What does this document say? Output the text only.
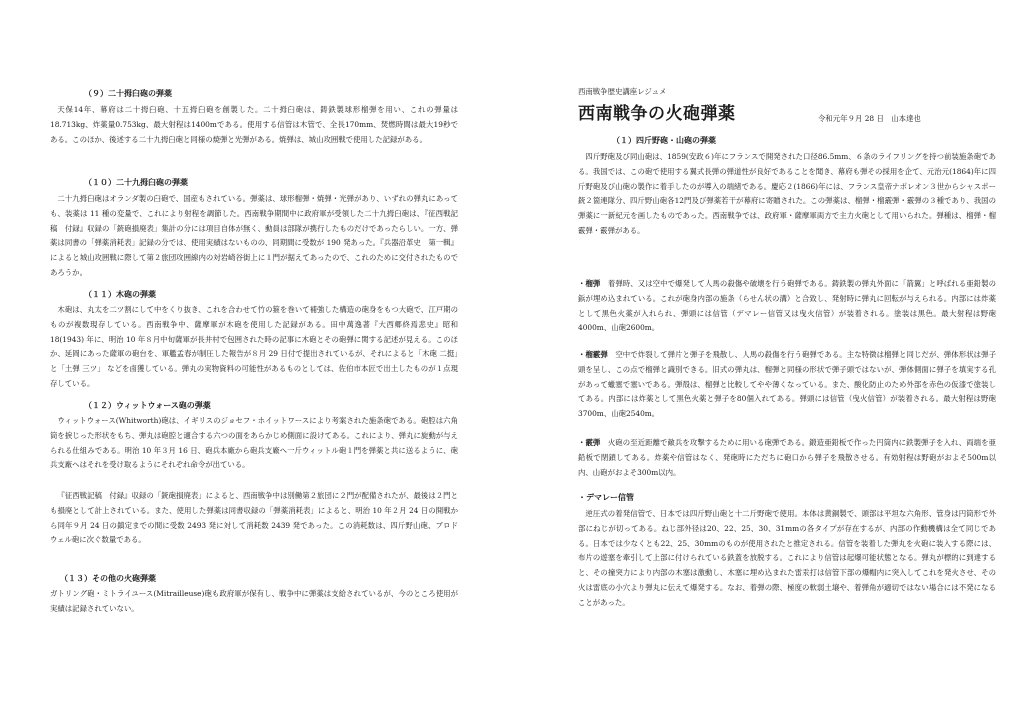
（９）二十拇臼砲の弾薬

天保14年、幕府は二十拇臼砲、十五拇臼砲を創製した。二十拇臼砲は、鋳鉄製球形榴弾を用い、これの弾量は18.713kg、炸薬量0.753kg、最大射程は1400mである。使用する信管は木管で、全長170mm、焚燃時間は最大19秒である。このほか、後述する二十九拇臼砲と同様の焼弾と光弾がある。焼弾は、城山攻囲戦で使用した記録がある。

（１０）二十九拇臼砲の弾薬

二十九拇臼砲はオランダ製の臼砲で、国産もされている。弾薬は、球形榴弾・焼弾・光弾があり、いずれの弾丸にあっても、装薬は 11 種の変量で、これにより射程を調節した。西南戦争期間中に政府軍が受領した二十九拇臼砲は、『征西戦記稿　付録』収録の「銃砲損廃表」集計の分には項目自体が無く、動員は部隊が携行したものだけであったらしい。一方、弾薬は同書の「弾薬消耗表」記録の分では、使用実績はないものの、同期間に受数が 190 発あった。『兵器沿革史　第一輯』によると城山攻囲戦に際して第２旅団攻囲線内の対岩崎谷街上に１門が据えてあったので、これのために交付されたものであろうか。

（１１）木砲の弾薬

木砲は、丸太を二ツ割にして中をくり抜き、これを合わせて竹の箍を巻いて補強した構造の砲身をもつ大砲で、江戸期のものが複数現存している。西南戦争中、薩摩軍が木砲を使用した記録がある。田中萬逸著『大西郷終焉悲史』昭和 18(1943) 年に、明治 10 年８月中旬薩軍が長井村で包囲された時の記事に木砲とその砲弾に関する記述が見える。このほか、延岡にあった薩軍の砲台を、軍艦孟春が制圧した報告が８月 29 日付で提出されているが、それによると「木砲 二挺」と「土弾 三ツ」 などを鹵獲している。弾丸の実物資料の可能性があるものとしては、佐伯市本匠で出土したものが１点現存している。

（１２）ウィットウォース砲の弾薬

ウィットウォース(Whitworth)砲は、イギリスのジョセフ・ホイットワースにより考案された施条砲である。砲腔は六角筒を捩じった形状をもち、弾丸は砲腔と適合する六つの面をあらかじめ側面に設けてある。これにより、弾丸に旋動が与えられる仕組みである。明治 10 年３月 16 日、砲兵本廠から砲兵支廠へ一斤ウィットル砲１門を弾薬と共に送るように、砲兵支廠へはそれを受け取るようにそれぞれ命令が出ている。

『征西戦記稿　付録』収録の「銃砲損廃表」によると、西南戦争中は別働第２旅団に２門が配備されたが、最後は２門とも損廃として計上されている。また、使用した弾薬は同書収録の「弾薬消耗表」によると、明治 10 年２月 24 日の開戦から同年９月 24 日の鎮定までの間に受数 2493 発に対して消耗数 2439 発であった。この消耗数は、四斤野山砲、ブロドウェル砲に次ぐ数量である。

（１３）その他の火砲弾薬

ガトリング砲・ミトライユース(Mitrailleuse)砲も政府軍が保有し、戦争中に弾薬は支給されているが、今のところ使用が実績は記録されていない。

西南戦争歴史講座レジュメ
西南戦争の火砲弾薬	令和元年９月 28 日　山本達也
（１）四斤野砲・山砲の弾薬

四斤野砲及び同山砲は、1859(安政６)年にフランスで開発された口径86.5mm、６条のライフリングを持つ前装施条砲である。我国では、この砲で使用する翼式長弾の弾道性が良好であることを聞き、幕府も弾その採用を企て、元治元(1864)年に四斤野砲及び山砲の製作に着手したのが導入の端緒である。慶応２(1866)年には、フランス皇帝ナポレオン３世からシャスポー銃２箇連隊分、四斤野山砲各12門及び弾薬若干が幕府に寄贈された。この弾薬は、榴弾・榴霰弾・霰弾の３種であり、我国の弾薬に一新紀元を画したものであった。西南戦争では、政府軍・薩摩軍両方で主力火砲として用いられた。弾種は、榴弾・榴霰弾・霰弾がある。

・榴弾　 着弾時、又は空中で爆発して人馬の殺傷や破壊を行う砲弾である。鋳鉄製の弾丸外面に「箭翼」と呼ばれる亜鉛製の鋲が埋め込まれている。これが砲身内部の施条（らせん状の溝）と合致し、発射時に弾丸に回転が与えられる。内部には炸薬として黒色火薬が入れられ、弾頭には信管（デマレー信管又は曳火信管）が装着される。塗装は黒色。最大射程は野砲4000m、山砲2600m。

・榴霰弾　 空中で炸裂して弾片と弾子を飛散し、人馬の殺傷を行う砲弾である。主な特徴は榴弾と同じだが、弾体形状は弾子頭を呈し、この点で榴弾と識別できる。旧式の弾丸は、榴弾と同様の形状で弾子頭ではないが、弾体側面に弾子を填実する孔があって蠟塞で塞いである。弾殻は、榴弾と比較してやや薄くなっている。また、酸化防止のため外部を赤色の仮漆で塗装してある。内部には炸薬として黒色火薬と弾子を80個入れてある。弾頭には信管（曳火信管）が装着される。最大射程は野砲3700m、山砲2540m。

・霰弾　 火砲の至近距離で敵兵を攻撃するために用いる砲弾である。鍛造亜鉛板で作った円筒内に鉄製弾子を入れ、両端を亜鉛板で閉鎖してある。炸薬や信管はなく、発砲時にただちに砲口から弾子を飛散させる。有効射程は野砲がおよそ500m以内、山砲がおよそ300m以内。

・デマレー信管

逆圧式の着発信管で、日本では四斤野山砲と十二斤野砲で使用。本体は黄銅製で、頭部は平坦な六角形、管身は円筒形で外部にねじが切ってある。ねじ部外径は20、22、25、30、31mmの各タイプが存在するが、内部の作動機構は全て同じである。日本では少なくとも22、25、30mmのものが使用されたと推定される。信管を装着した弾丸を火砲に装入する際には、布片の遊塞を牽引して上部に付けられている鉄蓋を放脱する。これにより信管は起爆可能状態となる。弾丸が標的に到達すると、その撞突力により内部の木塞は激動し、木塞に埋め込まれた雷汞打は信管下部の爆帽内に突入してこれを発火させ、その火は雷底の小穴より弾丸に伝えて爆発する。なお、着弾の際、極度の軟弱土壌や、着弾角が適切ではない場合には不発になることがあった。
